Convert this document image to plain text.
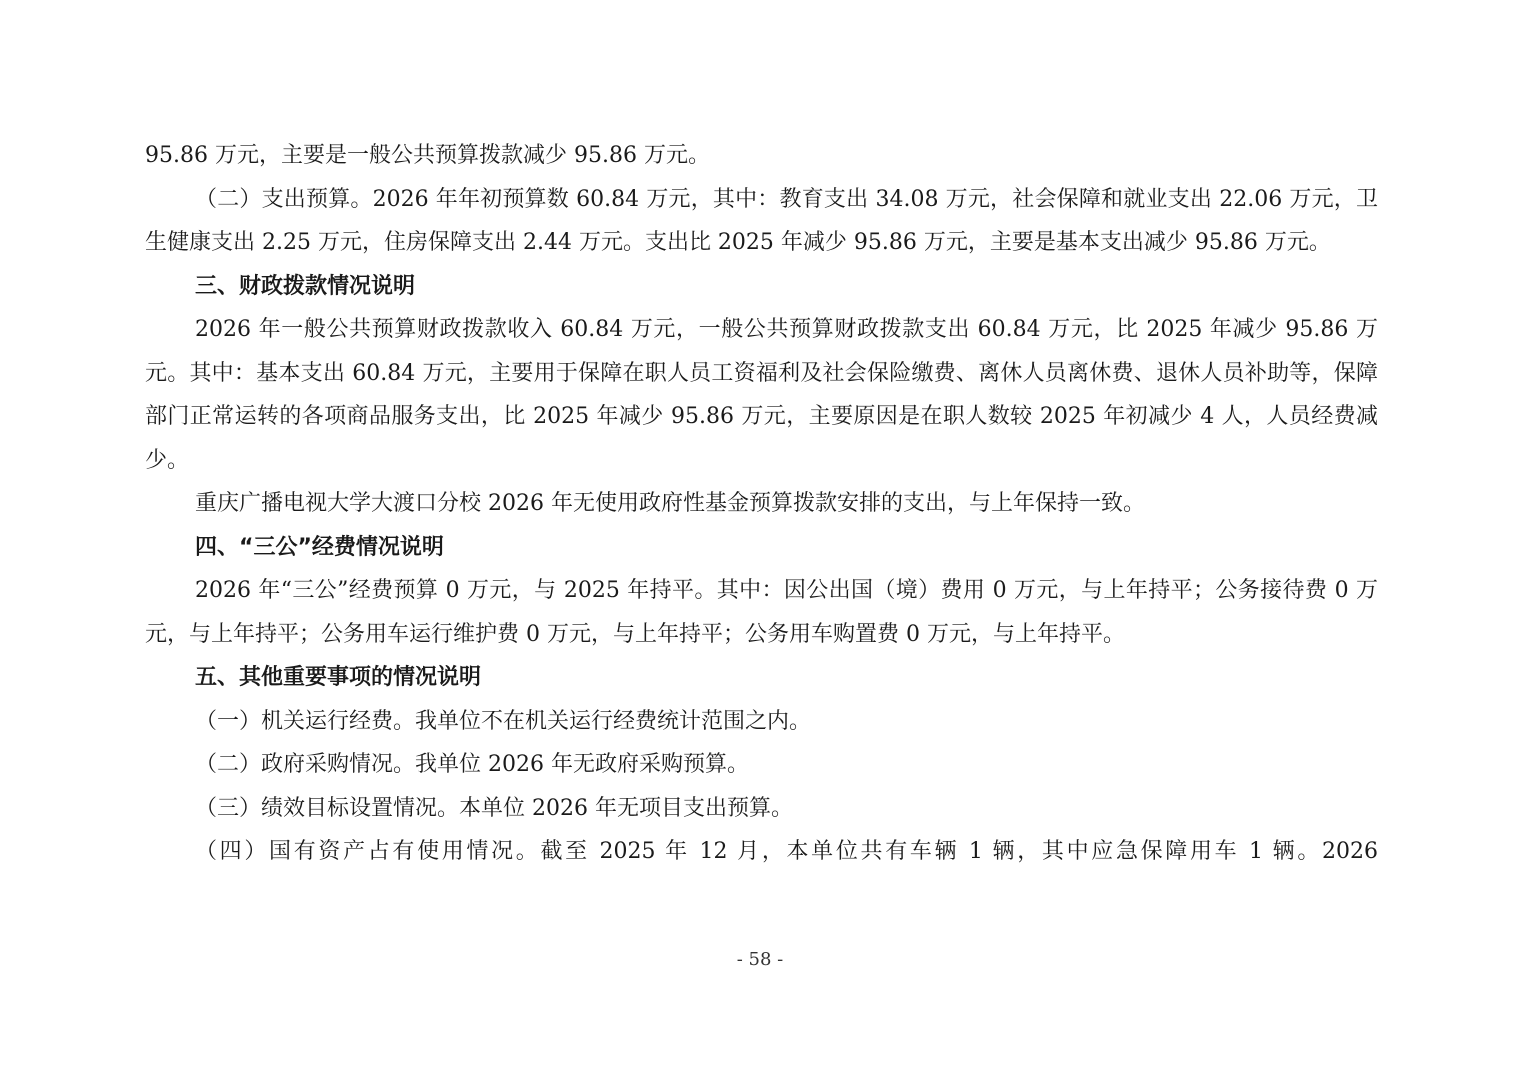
95.86 万元，主要是一般公共预算拨款减少 95.86 万元。

（二）支出预算。2026 年年初预算数 60.84 万元，其中：教育支出 34.08 万元，社会保障和就业支出 22.06 万元，卫生健康支出 2.25 万元，住房保障支出 2.44 万元。支出比 2025 年减少 95.86 万元，主要是基本支出减少 95.86 万元。

三、财政拨款情况说明

2026 年一般公共预算财政拨款收入 60.84 万元，一般公共预算财政拨款支出 60.84 万元，比 2025 年减少 95.86 万元。其中：基本支出 60.84 万元，主要用于保障在职人员工资福利及社会保险缴费、离休人员离休费、退休人员补助等，保障部门正常运转的各项商品服务支出，比 2025 年减少 95.86 万元，主要原因是在职人数较 2025 年初减少 4 人，人员经费减少。

重庆广播电视大学大渡口分校 2026 年无使用政府性基金预算拨款安排的支出，与上年保持一致。

四、“三公”经费情况说明

2026 年“三公”经费预算 0 万元，与 2025 年持平。其中：因公出国（境）费用 0 万元，与上年持平；公务接待费 0 万元，与上年持平；公务用车运行维护费 0 万元，与上年持平；公务用车购置费 0 万元，与上年持平。

五、其他重要事项的情况说明

（一）机关运行经费。我单位不在机关运行经费统计范围之内。

（二）政府采购情况。我单位 2026 年无政府采购预算。

（三）绩效目标设置情况。本单位 2026 年无项目支出预算。

（四）国有资产占有使用情况。截至 2025 年 12 月，本单位共有车辆 1 辆，其中应急保障用车 1 辆。2026

- 58 -
